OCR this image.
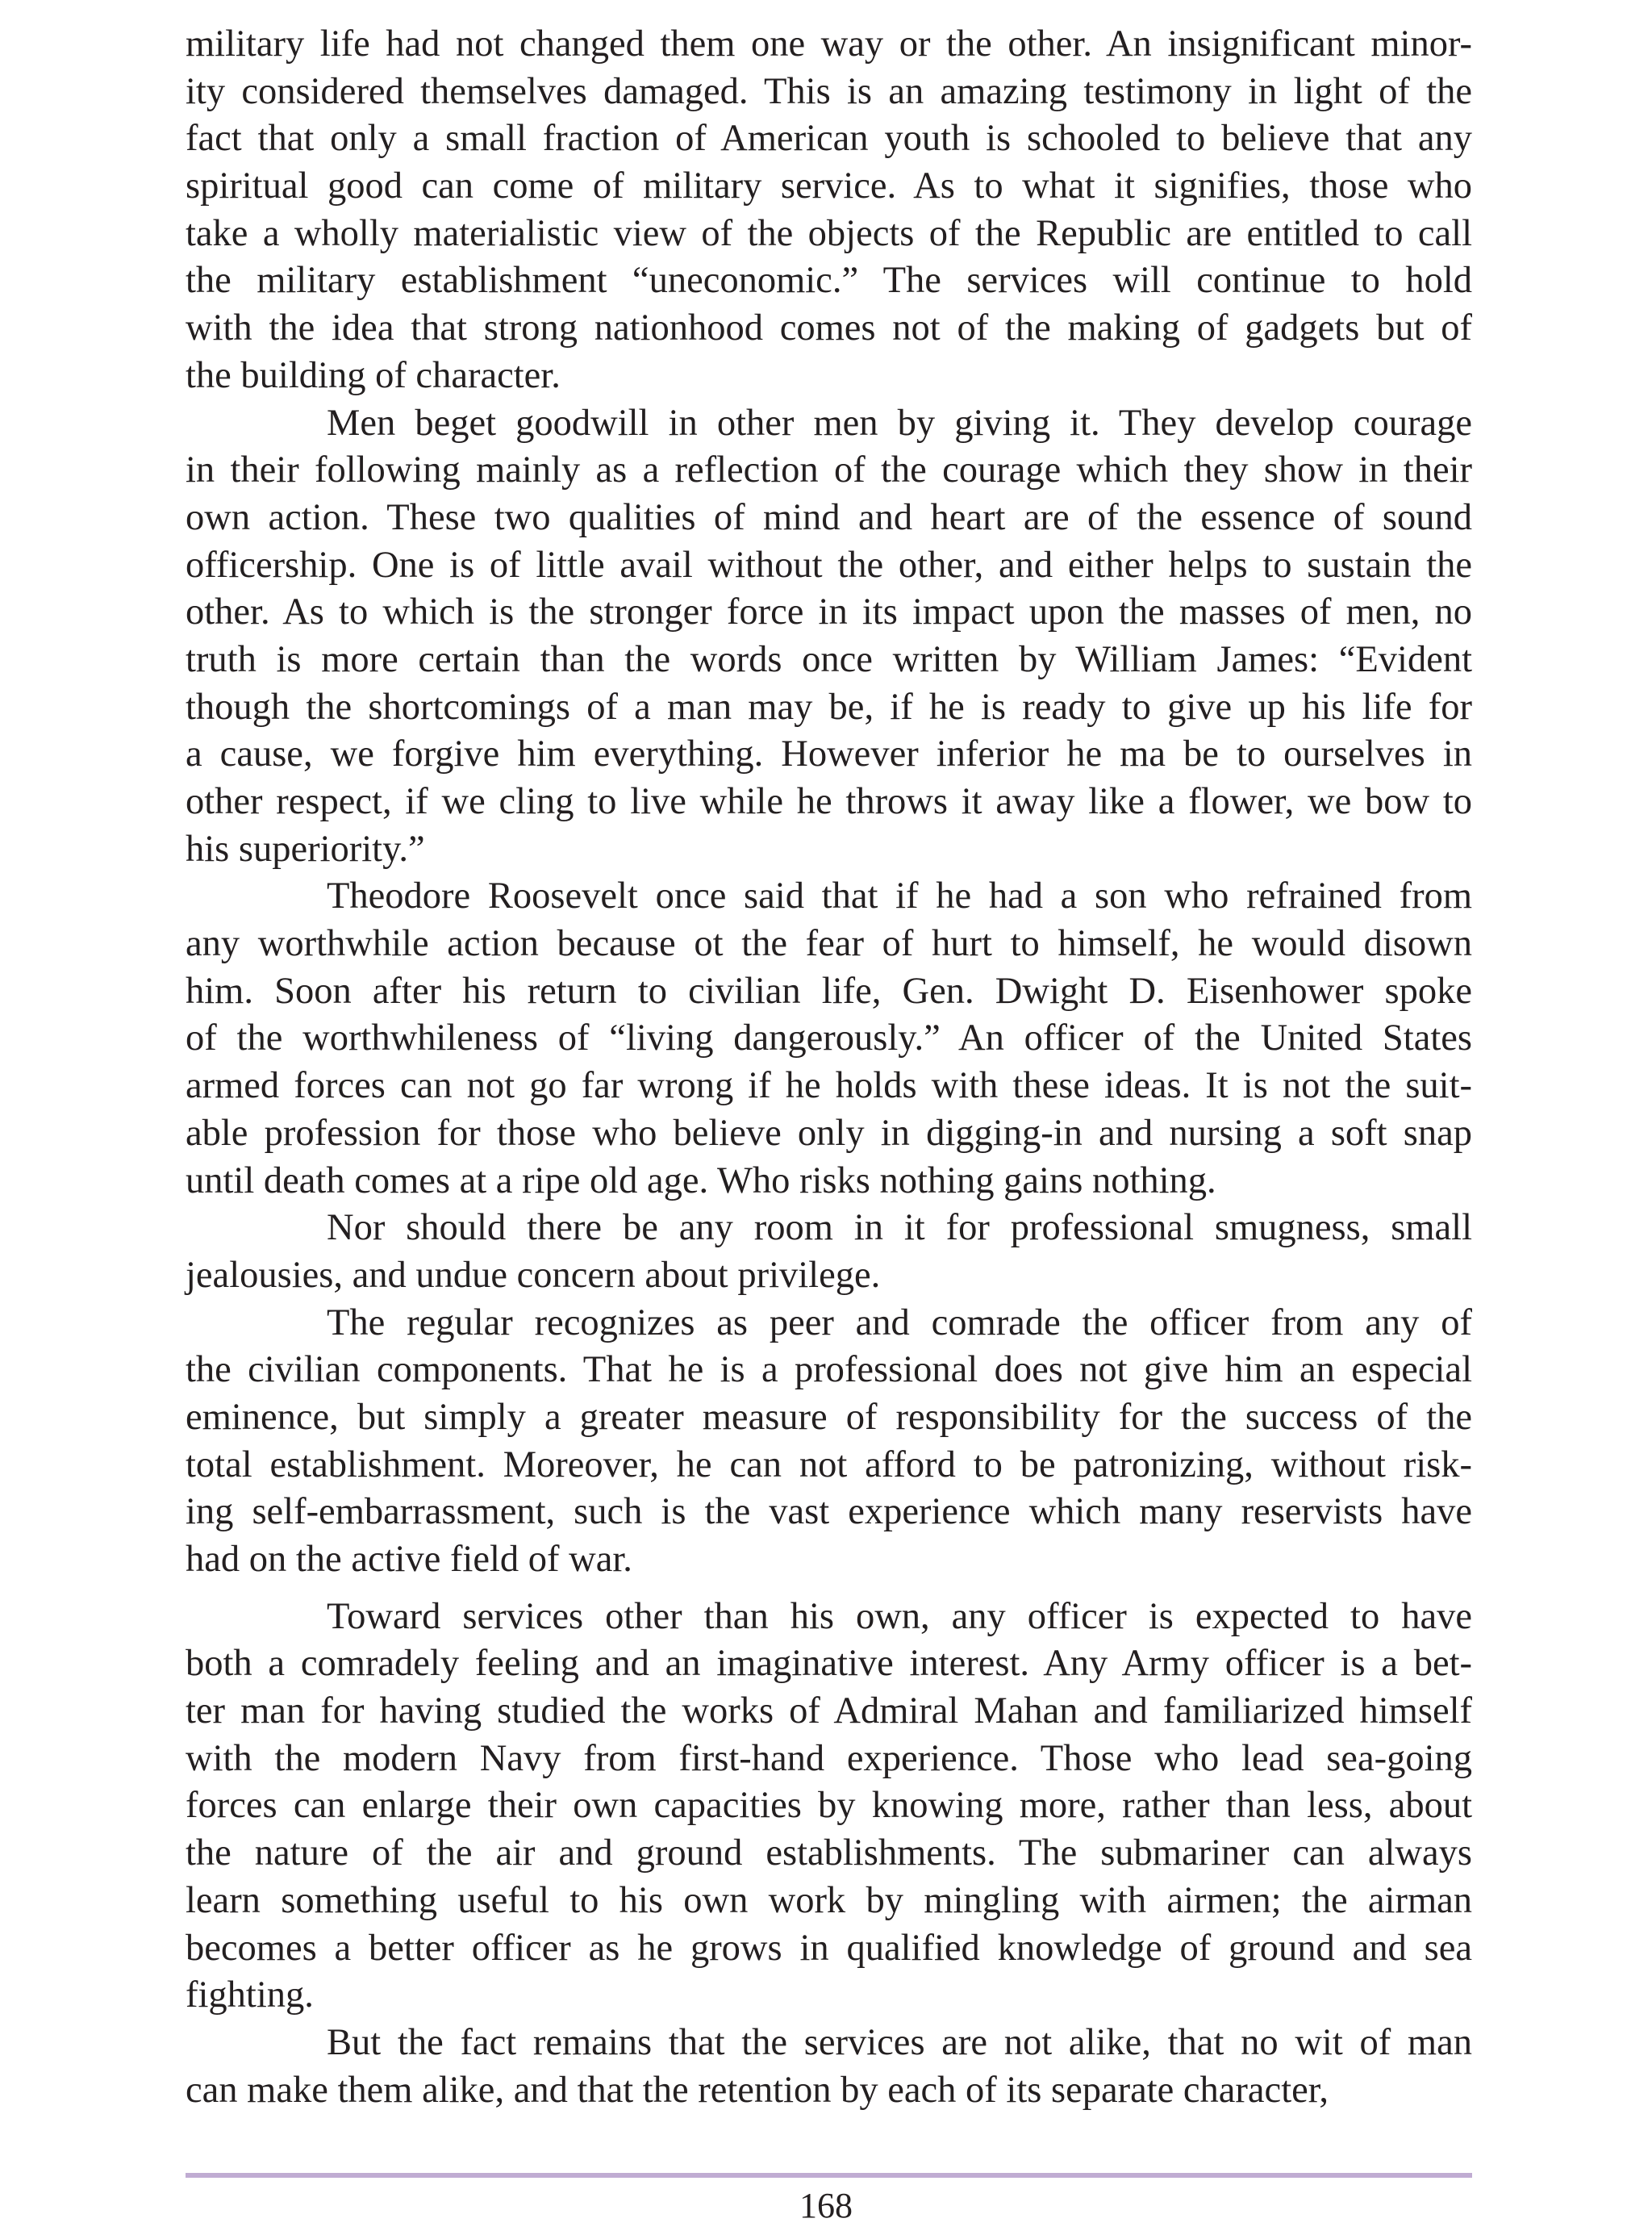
military life had not changed them one way or the other. An insignificant minor-
ity considered themselves damaged. This is an amazing testimony in light of the
fact that only a small fraction of American youth is schooled to believe that any
spiritual good can come of military service. As to what it signifies, those who
take a wholly materialistic view of the objects of the Republic are entitled to call
the military establishment “uneconomic.” The services will continue to hold
with the idea that strong nationhood comes not of the making of gadgets but of
the building of character.
Men beget goodwill in other men by giving it. They develop courage
in their following mainly as a reflection of the courage which they show in their
own action. These two qualities of mind and heart are of the essence of sound
officership. One is of little avail without the other, and either helps to sustain the
other. As to which is the stronger force in its impact upon the masses of men, no
truth is more certain than the words once written by William James: “Evident
though the shortcomings of a man may be, if he is ready to give up his life for
a cause, we forgive him everything. However inferior he ma be to ourselves in
other respect, if we cling to live while he throws it away like a flower, we bow to
his superiority.”
Theodore Roosevelt once said that if he had a son who refrained from
any worthwhile action because ot the fear of hurt to himself, he would disown
him. Soon after his return to civilian life, Gen. Dwight D. Eisenhower spoke
of the worthwhileness of “living dangerously.” An officer of the United States
armed forces can not go far wrong if he holds with these ideas. It is not the suit-
able profession for those who believe only in digging-in and nursing a soft snap
until death comes at a ripe old age. Who risks nothing gains nothing.
Nor should there be any room in it for professional smugness, small
jealousies, and undue concern about privilege.
The regular recognizes as peer and comrade the officer from any of
the civilian components. That he is a professional does not give him an especial
eminence, but simply a greater measure of responsibility for the success of the
total establishment. Moreover, he can not afford to be patronizing, without risk-
ing self-embarrassment, such is the vast experience which many reservists have
had on the active field of war.
Toward services other than his own, any officer is expected to have
both a comradely feeling and an imaginative interest. Any Army officer is a bet-
ter man for having studied the works of Admiral Mahan and familiarized himself
with the modern Navy from first-hand experience. Those who lead sea-going
forces can enlarge their own capacities by knowing more, rather than less, about
the nature of the air and ground establishments. The submariner can always
learn something useful to his own work by mingling with airmen; the airman
becomes a better officer as he grows in qualified knowledge of ground and sea
fighting.
But the fact remains that the services are not alike, that no wit of man
can make them alike, and that the retention by each of its separate character,
168
